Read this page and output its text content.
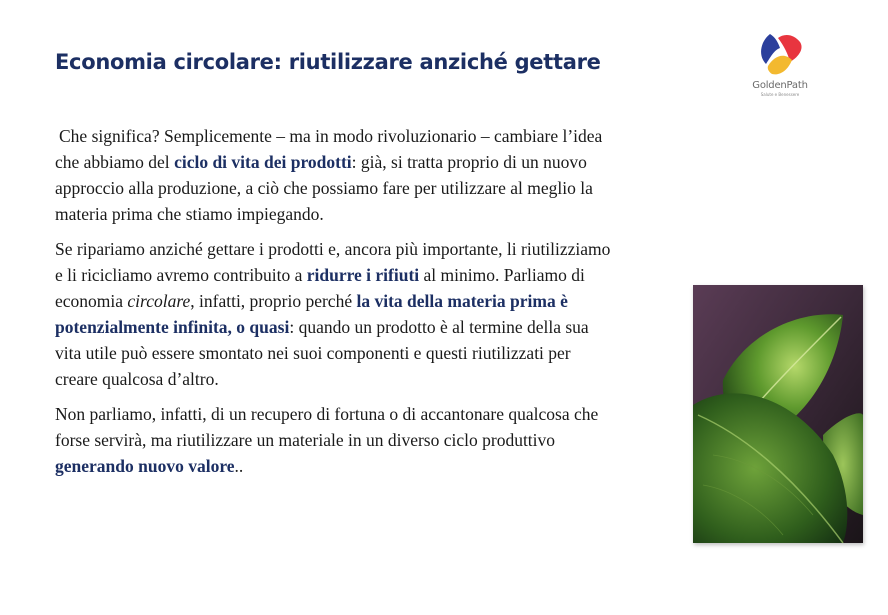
Economia circolare: riutilizzare anziché gettare
GoldenPath
Salute e Benessere

Che significa? Semplicemente – ma in modo rivoluzionario – cambiare l’idea che abbiamo del ciclo di vita dei prodotti: già, si tratta proprio di un nuovo approccio alla produzione, a ciò che possiamo fare per utilizzare al meglio la materia prima che stiamo impiegando.

Se ripariamo anziché gettare i prodotti e, ancora più importante, li riutilizziamo e li ricicliamo avremo contribuito a ridurre i rifiuti al minimo. Parliamo di economia circolare, infatti, proprio perché la vita della materia prima è potenzialmente infinita, o quasi: quando un prodotto è al termine della sua vita utile può essere smontato nei suoi componenti e questi riutilizzati per creare qualcosa d’altro.

Non parliamo, infatti, di un recupero di fortuna o di accantonare qualcosa che forse servirà, ma riutilizzare un materiale in un diverso ciclo produttivo generando nuovo valore..
